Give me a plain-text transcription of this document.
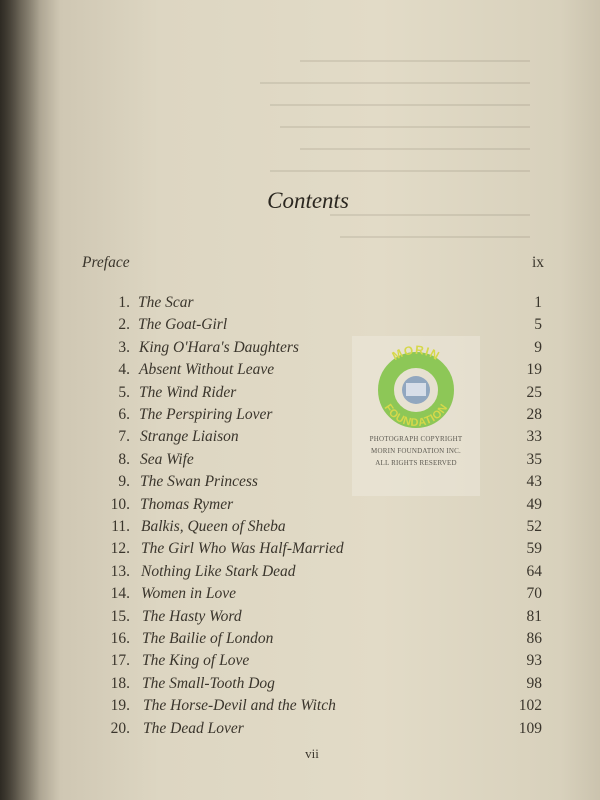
Contents
Preface	ix
1. The Scar	1
2. The Goat-Girl	5
3. King O'Hara's Daughters	9
4. Absent Without Leave	19
5. The Wind Rider	25
6. The Perspiring Lover	28
7. Strange Liaison	33
8. Sea Wife	35
9. The Swan Princess	43
10. Thomas Rymer	49
11. Balkis, Queen of Sheba	52
12. The Girl Who Was Half-Married	59
13. Nothing Like Stark Dead	64
14. Women in Love	70
15. The Hasty Word	81
16. The Bailie of London	86
17. The King of Love	93
18. The Small-Tooth Dog	98
19. The Horse-Devil and the Witch	102
20. The Dead Lover	109
MORIN
FOUNDATION
PHOTOGRAPH COPYRIGHT
MORIN FOUNDATION INC.
ALL RIGHTS RESERVED
vii
